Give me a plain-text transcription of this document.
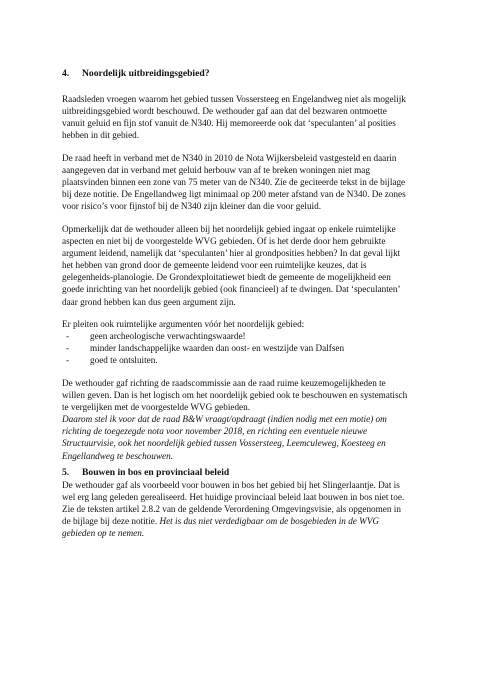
4. Noordelijk uitbreidingsgebied?

Raadsleden vroegen waarom het gebied tussen Vossersteeg en Engelandweg niet als mogelijk
uitbreidingsgebied wordt beschouwd. De wethouder gaf aan dat del bezwaren ontmoette
vanuit geluid en fijn stof vanuit de N340. Hij memoreerde ook dat ‘speculanten’ al posities
hebben in dit gebied.

De raad heeft in verband met de N340 in 2010 de Nota Wijkersbeleid vastgesteld en daarin
aangegeven dat in verband met geluid herbouw van af te breken woningen niet mag
plaatsvinden binnen een zone van 75 meter van de N340. Zie de geciteerde tekst in de bijlage
bij deze notitie. De Engellandweg ligt minimaal op 200 meter afstand van de N340. De zones
voor risico’s voor fijnstof bij de N340 zijn kleiner dan die voor geluid.

Opmerkelijk dat de wethouder alleen bij het noordelijk gebied ingaat op enkele ruimtelijke
aspecten en niet bij de voorgestelde WVG gebieden. Of is het derde door hem gebruikte
argument leidend, namelijk dat ‘speculanten’ hier al grondposities hebben? In dat geval lijkt
het hebben van grond door de gemeente leidend voor een ruimtelijke keuzes, dat is
gelegenheids-planologie. De Grondexploitatiewet biedt de gemeente de mogelijkheid een
goede inrichting van het noordelijk gebied (ook financieel) af te dwingen. Dat ‘speculanten’
daar grond hebben kan dus geen argument zijn.

Er pleiten ook ruimtelijke argumenten vóór het noordelijk gebied:

- geen archeologische verwachtingswaarde!
- minder landschappelijke waarden dan oost- en westzijde van Dalfsen
- goed te ontsluiten.

De wethouder gaf richting de raadscommissie aan de raad ruime keuzemogelijkheden te
willen geven. Dan is het logisch om het noordelijk gebied ook te beschouwen en systematisch
te vergelijken met de voorgestelde WVG gebieden.
Daarom stel ik voor dat de raad B&W vraagt/opdraagt (indien nodig met een motie) om
richting de toegezegde nota voor november 2018, en richting een eventuele nieuwe
Structuurvisie, ook het noordelijk gebied tussen Vossersteeg, Leemculeweg, Koesteeg en
Engellandweg te beschouwen.

5. Bouwen in bos en provinciaal beleid

De wethouder gaf als voorbeeld voor bouwen in bos het gebied bij het Slingerlaantje. Dat is
wel erg lang geleden gerealiseerd. Het huidige provinciaal beleid laat bouwen in bos niet toe.
Zie de teksten artikel 2.8.2 van de geldende Verordening Omgevingsvisie, als opgenomen in
de bijlage bij deze notitie. Het is dus niet verdedigbaar om de bosgebieden in de WVG
gebieden op te nemen.
